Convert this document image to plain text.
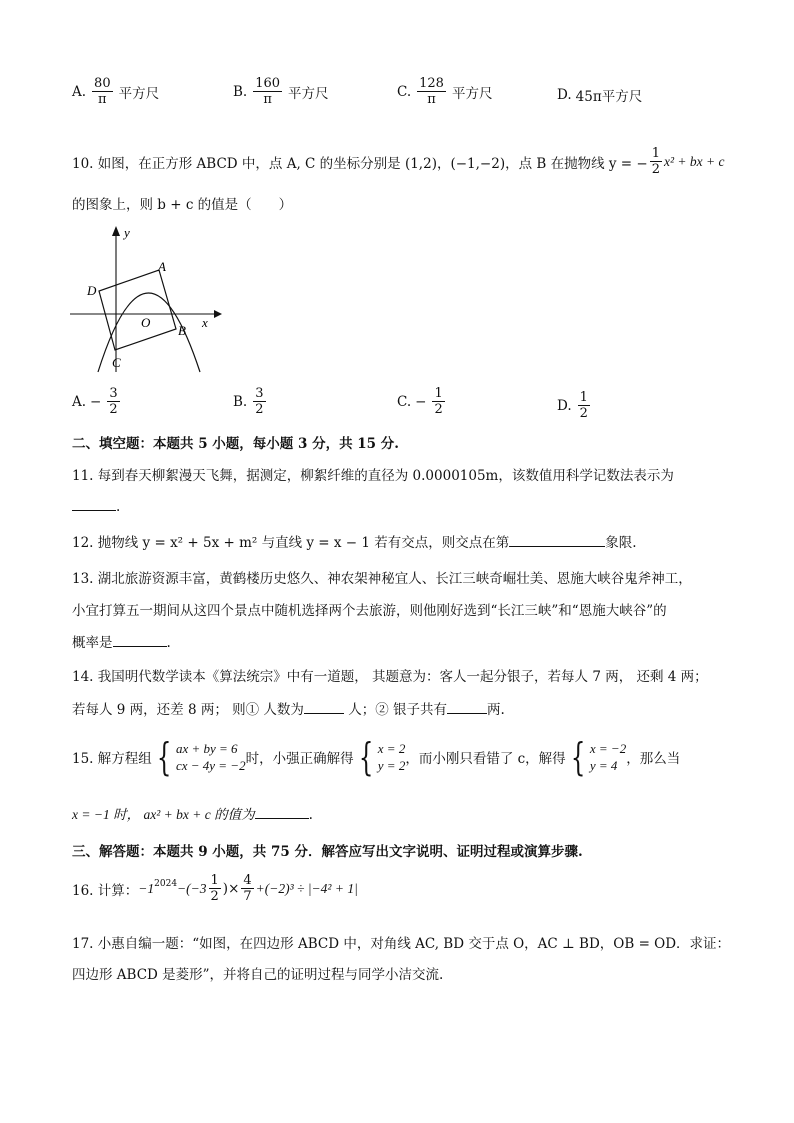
A. $\frac{80}{\pi}$ 平方尺	B. $\frac{160}{\pi}$ 平方尺	C. $\frac{128}{\pi}$ 平方尺	D. 45π平方尺
10. 如图，在正方形 ABCD 中，点 A, C 的坐标分别是 (1,2)，(−1,−2)，点 B 在抛物线 y = − $\frac{1}{2} x^2$ + bx + c
的图象上，则 b + c 的值是（　　）
y
x
A
B
C
D
O
A. − $\frac{3}{2}$	B. $\frac{3}{2}$	C. − $\frac{1}{2}$	D. $\frac{1}{2}$
二、填空题：本题共 5 小题，每小题 3 分，共 15 分.
11. 每到春天柳絮漫天飞舞，据测定，柳絮纤维的直径为 0.0000105m，该数值用科学记数法表示为
.
12. 抛物线 y = x² + 5x + m² 与直线 y = x − 1 若有交点，则交点在第	象限.
13. 湖北旅游资源丰富，黄鹤楼历史悠久、神农架神秘宜人、长江三峡奇崛壮美、恩施大峡谷鬼斧神工，
小宜打算五一期间从这四个景点中随机选择两个去旅游，则他刚好选到“长江三峡”和“恩施大峡谷”的
概率是	.
14. 我国明代数学读本《算法统宗》中有一道题， 其题意为：客人一起分银子，若每人 7 两， 还剩 4 两；
若每人 9 两，还差 8 两； 则① 人数为	人；② 银子共有	两.
15. 解方程组 { ax + by = 6
cx − 4y = −2 时，小强正确解得 { x = 2
y = 2 ，而小刚只看错了 c，解得 { x = −2
y = 4 ，那么当
x = −1 时， ax² + bx + c 的值为	.
三、解答题：本题共 9 小题，共 75 分．解答应写出文字说明、证明过程或演算步骤.
16. 计算： $-1^{2024} -(-3 \frac{1}{2}$ )× $\frac{4}{7} +(-2)^3 \div |-4^2 + 1|$
17. 小惠自编一题：“如图，在四边形 ABCD 中，对角线 AC, BD 交于点 O，AC ⊥ BD，OB = OD．求证：
四边形 ABCD 是菱形”，并将自己的证明过程与同学小洁交流.
